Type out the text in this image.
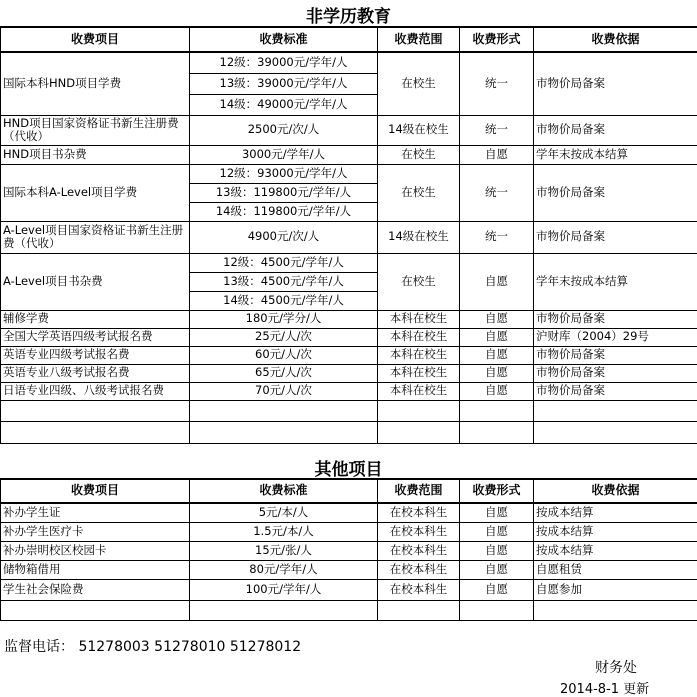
非学历教育
收费项目	收费标准	收费范围	收费形式	收费依据
国际本科HND项目学费	12级：39000元/学年/人	在校生	统一	市物价局备案
	13级：39000元/学年/人			
	14级：49000元/学年/人			
HND项目国家资格证书新生注册费（代收）	2500元/次/人	14级在校生	统一	市物价局备案
HND项目书杂费	3000元/学年/人	在校生	自愿	学年末按成本结算
国际本科A-Level项目学费	12级：93000元/学年/人	在校生	统一	市物价局备案
	13级：119800元/学年/人			
	14级：119800元/学年/人			
A-Level项目国家资格证书新生注册费（代收）	4900元/次/人	14级在校生	统一	市物价局备案
A-Level项目书杂费	12级：4500元/学年/人	在校生	自愿	学年末按成本结算
	13级：4500元/学年/人			
	14级：4500元/学年/人			
辅修学费	180元/学分/人	本科在校生	自愿	市物价局备案
全国大学英语四级考试报名费	25元/人/次	本科在校生	自愿	沪财库（2004）29号
英语专业四级考试报名费	60元/人/次	本科在校生	自愿	市物价局备案
英语专业八级考试报名费	65元/人/次	本科在校生	自愿	市物价局备案
日语专业四级、八级考试报名费	70元/人/次	本科在校生	自愿	市物价局备案

其他项目
收费项目	收费标准	收费范围	收费形式	收费依据
补办学生证	5元/本/人	在校本科生	自愿	按成本结算
补办学生医疗卡	1.5元/本/人	在校本科生	自愿	按成本结算
补办崇明校区校园卡	15元/张/人	在校本科生	自愿	按成本结算
储物箱借用	80元/学年/人	在校本科生	自愿	自愿租赁
学生社会保险费	100元/学年/人	在校本科生	自愿	自愿参加

监督电话： 51278003 51278010 51278012
财务处
2014-8-1 更新
